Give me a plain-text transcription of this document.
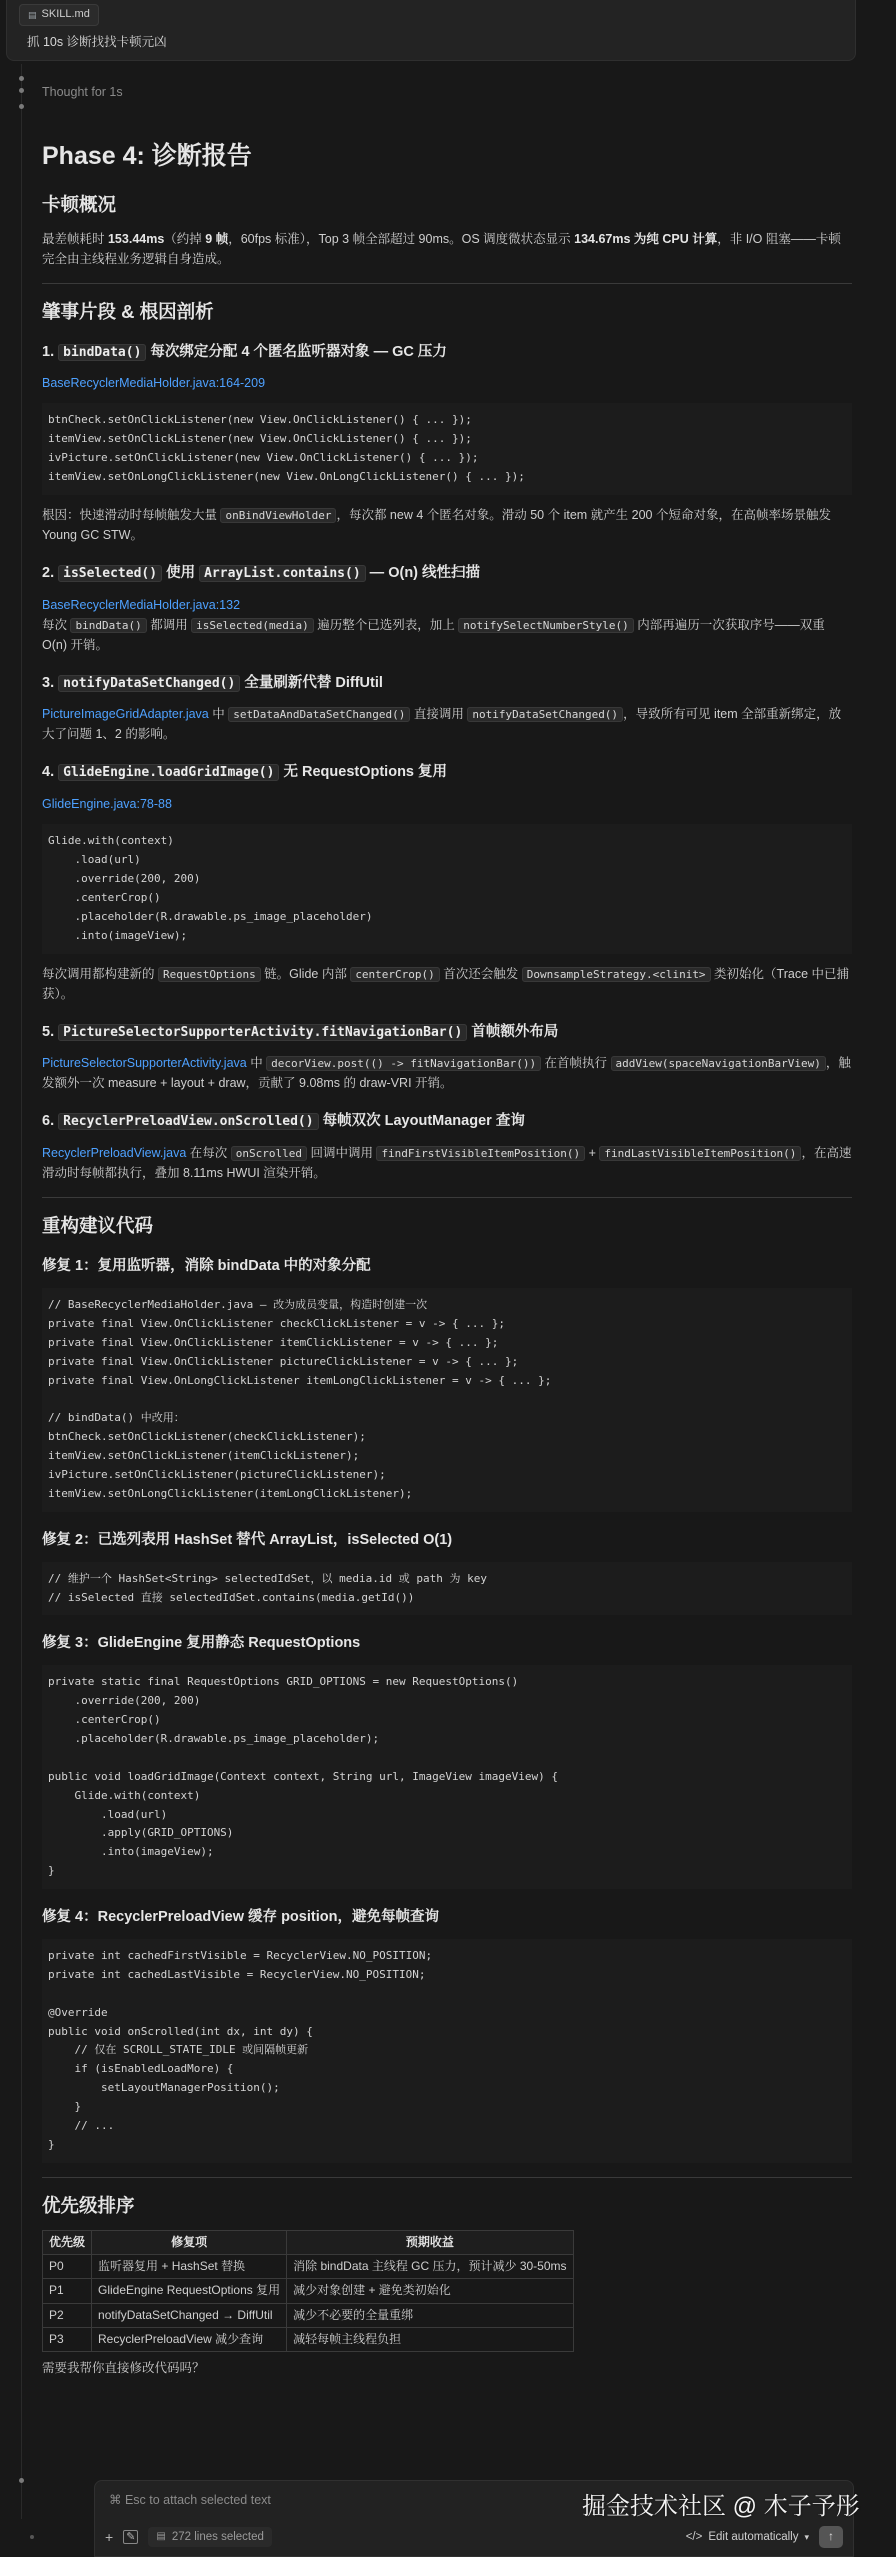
▤ SKILL.md
抓 10s 诊断找找卡顿元凶
Thought for 1s
Phase 4: 诊断报告
卡顿概况

最差帧耗时 153.44ms（约掉 9 帧，60fps 标准），Top 3 帧全部超过 90ms。OS 调度微状态显示 134.67ms 为纯 CPU 计算，非 I/O 阻塞——卡顿完全由主线程业务逻辑自身造成。

肇事片段 & 根因剖析
1. bindData() 每次绑定分配 4 个匿名监听器对象 — GC 压力

BaseRecyclerMediaHolder.java:164-209

btnCheck.setOnClickListener(new View.OnClickListener() { ... });
itemView.setOnClickListener(new View.OnClickListener() { ... });
ivPicture.setOnClickListener(new View.OnClickListener() { ... });
itemView.setOnLongClickListener(new View.OnLongClickListener() { ... });

根因：快速滑动时每帧触发大量 onBindViewHolder ，每次都 new 4 个匿名对象。滑动 50 个 item 就产生 200 个短命对象，在高帧率场景触发 Young GC STW。

2. isSelected() 使用 ArrayList.contains() — O(n) 线性扫描

BaseRecyclerMediaHolder.java:132

每次 bindData() 都调用 isSelected(media) 遍历整个已选列表，加上 notifySelectNumberStyle() 内部再遍历一次获取序号——双重 O(n) 开销。

3. notifyDataSetChanged() 全量刷新代替 DiffUtil

PictureImageGridAdapter.java 中 setDataAndDataSetChanged() 直接调用 notifyDataSetChanged() ，导致所有可见 item 全部重新绑定，放大了问题 1、2 的影响。

4. GlideEngine.loadGridImage() 无 RequestOptions 复用

GlideEngine.java:78-88

Glide.with(context)
.load(url)
.override(200, 200)
.centerCrop()
.placeholder(R.drawable.ps_image_placeholder)
.into(imageView);

每次调用都构建新的 RequestOptions 链。Glide 内部 centerCrop() 首次还会触发 DownsampleStrategy.<clinit> 类初始化（Trace 中已捕获）。

5. PictureSelectorSupporterActivity.fitNavigationBar() 首帧额外布局

PictureSelectorSupporterActivity.java 中 decorView.post(() -> fitNavigationBar()) 在首帧执行 addView(spaceNavigationBarView) ，触发额外一次 measure + layout + draw，贡献了 9.08ms 的 draw-VRI 开销。

6. RecyclerPreloadView.onScrolled() 每帧双次 LayoutManager 查询

RecyclerPreloadView.java 在每次 onScrolled 回调中调用 findFirstVisibleItemPosition() + findLastVisibleItemPosition() ，在高速滑动时每帧都执行，叠加 8.11ms HWUI 渲染开销。

重构建议代码
修复 1：复用监听器，消除 bindData 中的对象分配
// BaseRecyclerMediaHolder.java — 改为成员变量，构造时创建一次
private final View.OnClickListener checkClickListener = v -> { ... };
private final View.OnClickListener itemClickListener = v -> { ... };
private final View.OnClickListener pictureClickListener = v -> { ... };
private final View.OnLongClickListener itemLongClickListener = v -> { ... };

// bindData() 中改用：
btnCheck.setOnClickListener(checkClickListener);
itemView.setOnClickListener(itemClickListener);
ivPicture.setOnClickListener(pictureClickListener);
itemView.setOnLongClickListener(itemLongClickListener);
修复 2：已选列表用 HashSet 替代 ArrayList，isSelected O(1)
// 维护一个 HashSet<String> selectedIdSet，以 media.id 或 path 为 key
// isSelected 直接 selectedIdSet.contains(media.getId())
修复 3：GlideEngine 复用静态 RequestOptions
private static final RequestOptions GRID_OPTIONS = new RequestOptions()
.override(200, 200)
.centerCrop()
.placeholder(R.drawable.ps_image_placeholder);

public void loadGridImage(Context context, String url, ImageView imageView) {
Glide.with(context)
.load(url)
.apply(GRID_OPTIONS)
.into(imageView);
}
修复 4：RecyclerPreloadView 缓存 position，避免每帧查询
private int cachedFirstVisible = RecyclerView.NO_POSITION;
private int cachedLastVisible = RecyclerView.NO_POSITION;

@Override
public void onScrolled(int dx, int dy) {
// 仅在 SCROLL_STATE_IDLE 或间隔帧更新
if (isEnabledLoadMore) {
setLayoutManagerPosition();
}
// ...
}
优先级排序
优先级	修复项	预期收益
P0	监听器复用 + HashSet 替换	消除 bindData 主线程 GC 压力，预计减少 30-50ms
P1	GlideEngine RequestOptions 复用	减少对象创建 + 避免类初始化
P2	notifyDataSetChanged → DiffUtil	减少不必要的全量重绑
P3	RecyclerPreloadView 减少查询	减轻每帧主线程负担

需要我帮你直接修改代码吗？

⌘ Esc to attach selected text
+ ✎	▤ 272 lines selected	</> Edit automatically ▾ ↑
掘金技术社区 @ 木子予彤
